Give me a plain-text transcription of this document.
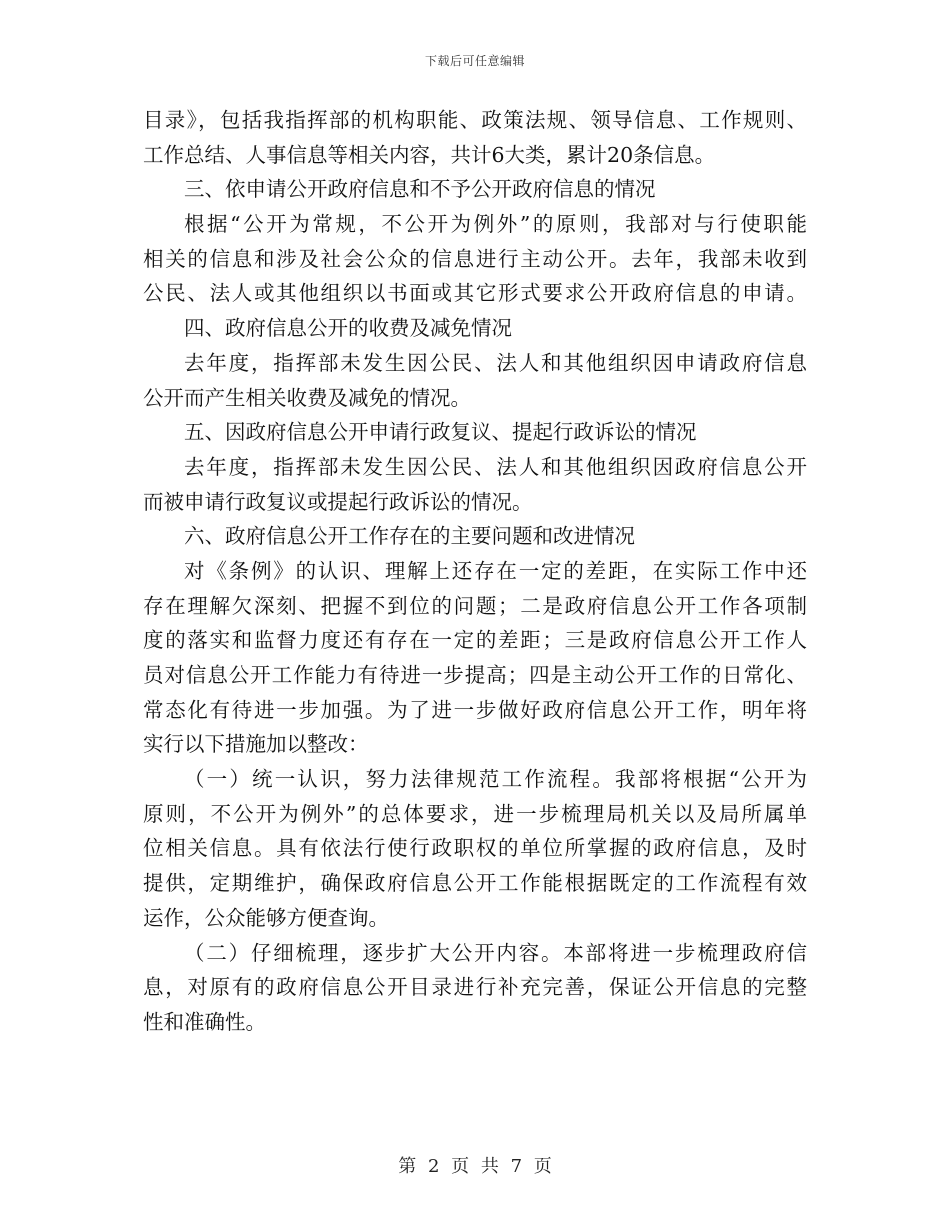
下载后可任意编辑
目录》，包括我指挥部的机构职能、政策法规、领导信息、工作规则、
工作总结、人事信息等相关内容，共计6大类，累计20条信息。
三、依申请公开政府信息和不予公开政府信息的情况
根据“公开为常规，不公开为例外”的原则，我部对与行使职能
相关的信息和涉及社会公众的信息进行主动公开。去年，我部未收到
公民、法人或其他组织以书面或其它形式要求公开政府信息的申请。
四、政府信息公开的收费及减免情况
去年度，指挥部未发生因公民、法人和其他组织因申请政府信息
公开而产生相关收费及减免的情况。
五、因政府信息公开申请行政复议、提起行政诉讼的情况
去年度，指挥部未发生因公民、法人和其他组织因政府信息公开
而被申请行政复议或提起行政诉讼的情况。
六、政府信息公开工作存在的主要问题和改进情况
对《条例》的认识、理解上还存在一定的差距，在实际工作中还
存在理解欠深刻、把握不到位的问题；二是政府信息公开工作各项制
度的落实和监督力度还有存在一定的差距；三是政府信息公开工作人
员对信息公开工作能力有待进一步提高；四是主动公开工作的日常化、
常态化有待进一步加强。为了进一步做好政府信息公开工作，明年将
实行以下措施加以整改：
（一）统一认识，努力法律规范工作流程。我部将根据“公开为
原则，不公开为例外”的总体要求，进一步梳理局机关以及局所属单
位相关信息。具有依法行使行政职权的单位所掌握的政府信息，及时
提供，定期维护，确保政府信息公开工作能根据既定的工作流程有效
运作，公众能够方便查询。
（二）仔细梳理，逐步扩大公开内容。本部将进一步梳理政府信
息，对原有的政府信息公开目录进行补充完善，保证公开信息的完整
性和准确性。
第 2 页 共 7 页
